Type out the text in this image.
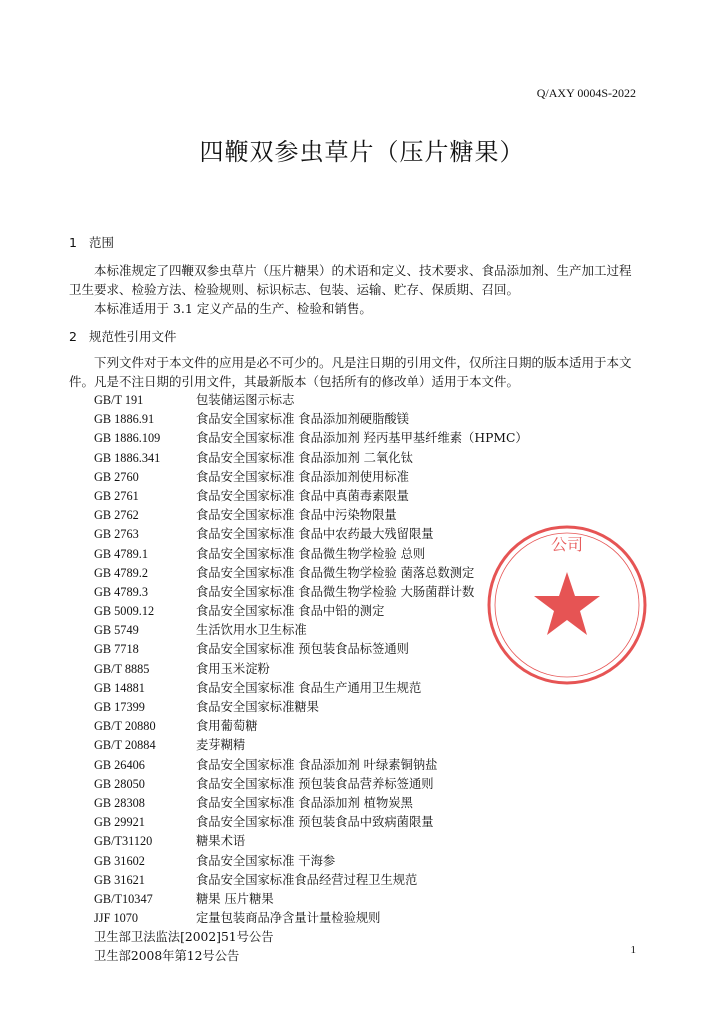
Q/AXY 0004S-2022
四鞭双参虫草片（压片糖果）
1 范围
本标准规定了四鞭双参虫草片（压片糖果）的术语和定义、技术要求、食品添加剂、生产加工过程
卫生要求、检验方法、检验规则、标识标志、包装、运输、贮存、保质期、召回。
本标准适用于 3.1 定义产品的生产、检验和销售。
2 规范性引用文件
下列文件对于本文件的应用是必不可少的。凡是注日期的引用文件，仅所注日期的版本适用于本文
件。凡是不注日期的引用文件，其最新版本（包括所有的修改单）适用于本文件。
GB/T 191	包装储运图示标志
GB 1886.91	食品安全国家标准 食品添加剂硬脂酸镁
GB 1886.109	食品安全国家标准 食品添加剂 羟丙基甲基纤维素（HPMC）
GB 1886.341	食品安全国家标准 食品添加剂 二氧化钛
GB 2760	食品安全国家标准 食品添加剂使用标准
GB 2761	食品安全国家标准 食品中真菌毒素限量
GB 2762	食品安全国家标准 食品中污染物限量
GB 2763	食品安全国家标准 食品中农药最大残留限量
GB 4789.1	食品安全国家标准 食品微生物学检验 总则
GB 4789.2	食品安全国家标准 食品微生物学检验 菌落总数测定
GB 4789.3	食品安全国家标准 食品微生物学检验 大肠菌群计数
GB 5009.12	食品安全国家标准 食品中铅的测定
GB 5749	生活饮用水卫生标准
GB 7718	食品安全国家标准 预包装食品标签通则
GB/T 8885	食用玉米淀粉
GB 14881	食品安全国家标准 食品生产通用卫生规范
GB 17399	食品安全国家标准糖果
GB/T 20880	食用葡萄糖
GB/T 20884	麦芽糊精
GB 26406	食品安全国家标准 食品添加剂 叶绿素铜钠盐
GB 28050	食品安全国家标准 预包装食品营养标签通则
GB 28308	食品安全国家标准 食品添加剂 植物炭黑
GB 29921	食品安全国家标准 预包装食品中致病菌限量
GB/T31120	糖果术语
GB 31602	食品安全国家标准 干海参
GB 31621	食品安全国家标准食品经营过程卫生规范
GB/T10347	糖果 压片糖果
JJF 1070	定量包装商品净含量计量检验规则
卫生部卫法监法[2002]51号公告
卫生部2008年第12号公告
公司
1
